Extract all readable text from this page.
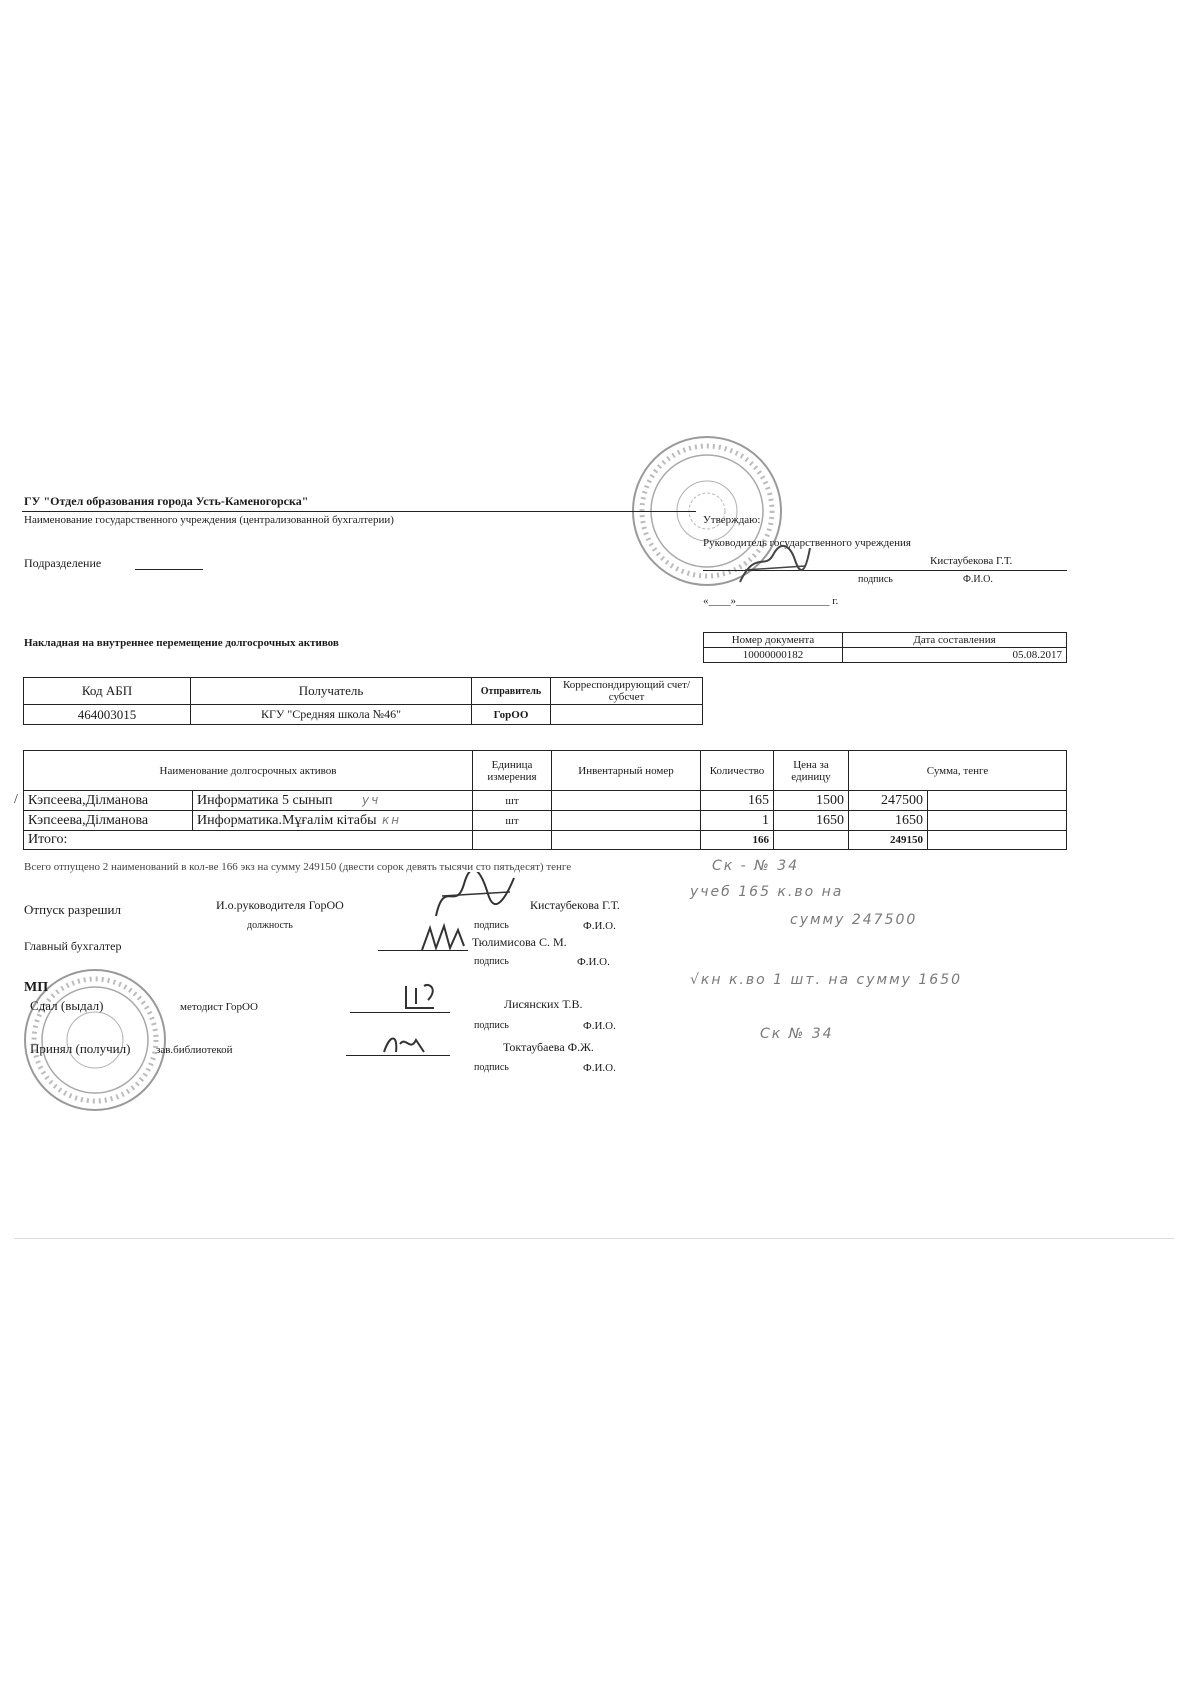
ГУ "Отдел образования города Усть-Каменогорска"
Наименование государственного учреждения (централизованной бухгалтерии)
Подразделение
Утверждаю:
Руководитель государственного учреждения
Кистаубекова Г.Т.
подпись	Ф.И.О.
«____»_________________ г.
Накладная на внутреннее перемещение долгосрочных активов	Номер документа	Дата составления
10000000182	05.08.2017
Код АБП	Получатель	Отправитель	Корреспондирующий счет/субсчет
464003015	КГУ "Средняя школа №46"	ГорОО	
/
Наименование долгосрочных активов		Единица измерения	Инвентарный номер	Количество	Цена за единицу	Сумма, тенге	
Кэпсеева,Ділманова	Информатика 5 сынып уч	шт		165	1500	247500	
Кэпсеева,Ділманова	Информатика.Мұғалім кітабы кн	шт		1	1650	1650	
Итого:				166		249150	
Всего отпущено 2 наименований в кол-ве 166 экз на сумму 249150 (двести сорок девять тысячи сто пятьдесят) тенге
Отпуск разрешил	И.о.руководителя ГорОО
должность
Кистаубекова Г.Т.
подпись	Ф.И.О.
Главный бухгалтер	Тюлимисова С. М.
подпись	Ф.И.О.
МП
Сдал (выдал)	методист ГорОО	Лисянских Т.В.
подпись	Ф.И.О.
Принял (получил) зав.библиотекой	Токтаубаева Ф.Ж.
подпись	Ф.И.О.
Ск - № 34
учеб 165 к.во на
сумму 247500
√кн к.во 1 шт. на сумму 1650
Ск № 34
